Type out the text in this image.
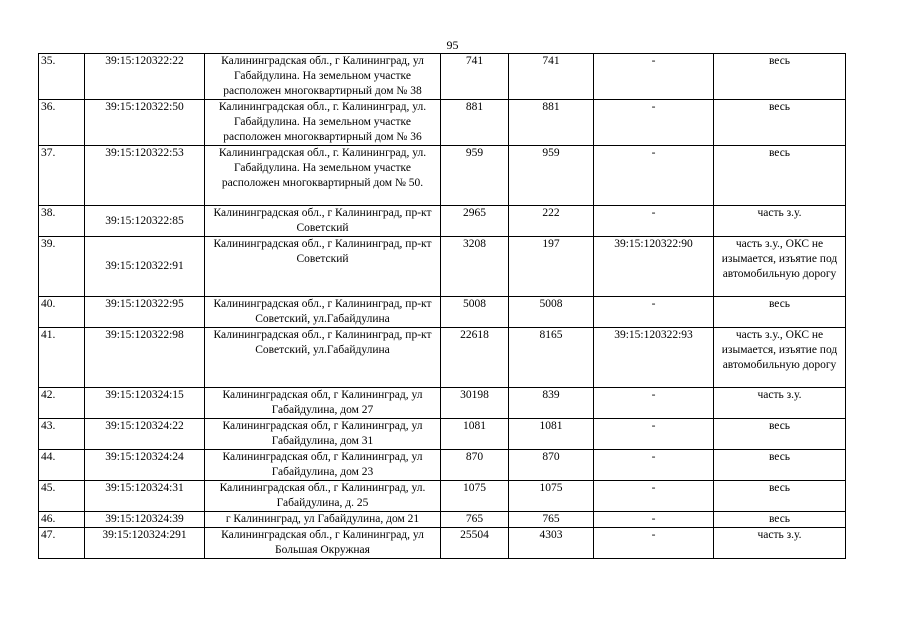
95
35.	39:15:120322:22	Калининградская обл., г Калининград, ул Габайдулина. На земельном участке расположен многоквартирный дом № 38	741	741	-	весь
36.	39:15:120322:50	Калининградская обл., г. Калининград, ул. Габайдулина. На земельном участке расположен многоквартирный дом № 36	881	881	-	весь
37.	39:15:120322:53	Калининградская обл., г. Калининград, ул. Габайдулина. На земельном участке расположен многоквартирный дом № 50.	959	959	-	весь
38.	39:15:120322:85	Калининградская обл., г Калининград, пр-кт Советский	2965	222	-	часть з.у.
39.	39:15:120322:91	Калининградская обл., г Калининград, пр-кт Советский	3208	197	39:15:120322:90	часть з.у., ОКС не изымается, изъятие под автомобильную дорогу
40.	39:15:120322:95	Калининградская обл., г Калининград, пр-кт Советский, ул.Габайдулина	5008	5008	-	весь
41.	39:15:120322:98	Калининградская обл., г Калининград, пр-кт Советский, ул.Габайдулина	22618	8165	39:15:120322:93	часть з.у., ОКС не изымается, изъятие под автомобильную дорогу
42.	39:15:120324:15	Калининградская обл, г Калининград, ул Габайдулина, дом 27	30198	839	-	часть з.у.
43.	39:15:120324:22	Калининградская обл, г Калининград, ул Габайдулина, дом 31	1081	1081	-	весь
44.	39:15:120324:24	Калининградская обл, г Калининград, ул Габайдулина, дом 23	870	870	-	весь
45.	39:15:120324:31	Калининградская обл., г Калининград, ул. Габайдулина, д. 25	1075	1075	-	весь
46.	39:15:120324:39	г Калининград, ул Габайдулина, дом 21	765	765	-	весь
47.	39:15:120324:291	Калининградская обл., г Калининград, ул Большая Окружная	25504	4303	-	часть з.у.
